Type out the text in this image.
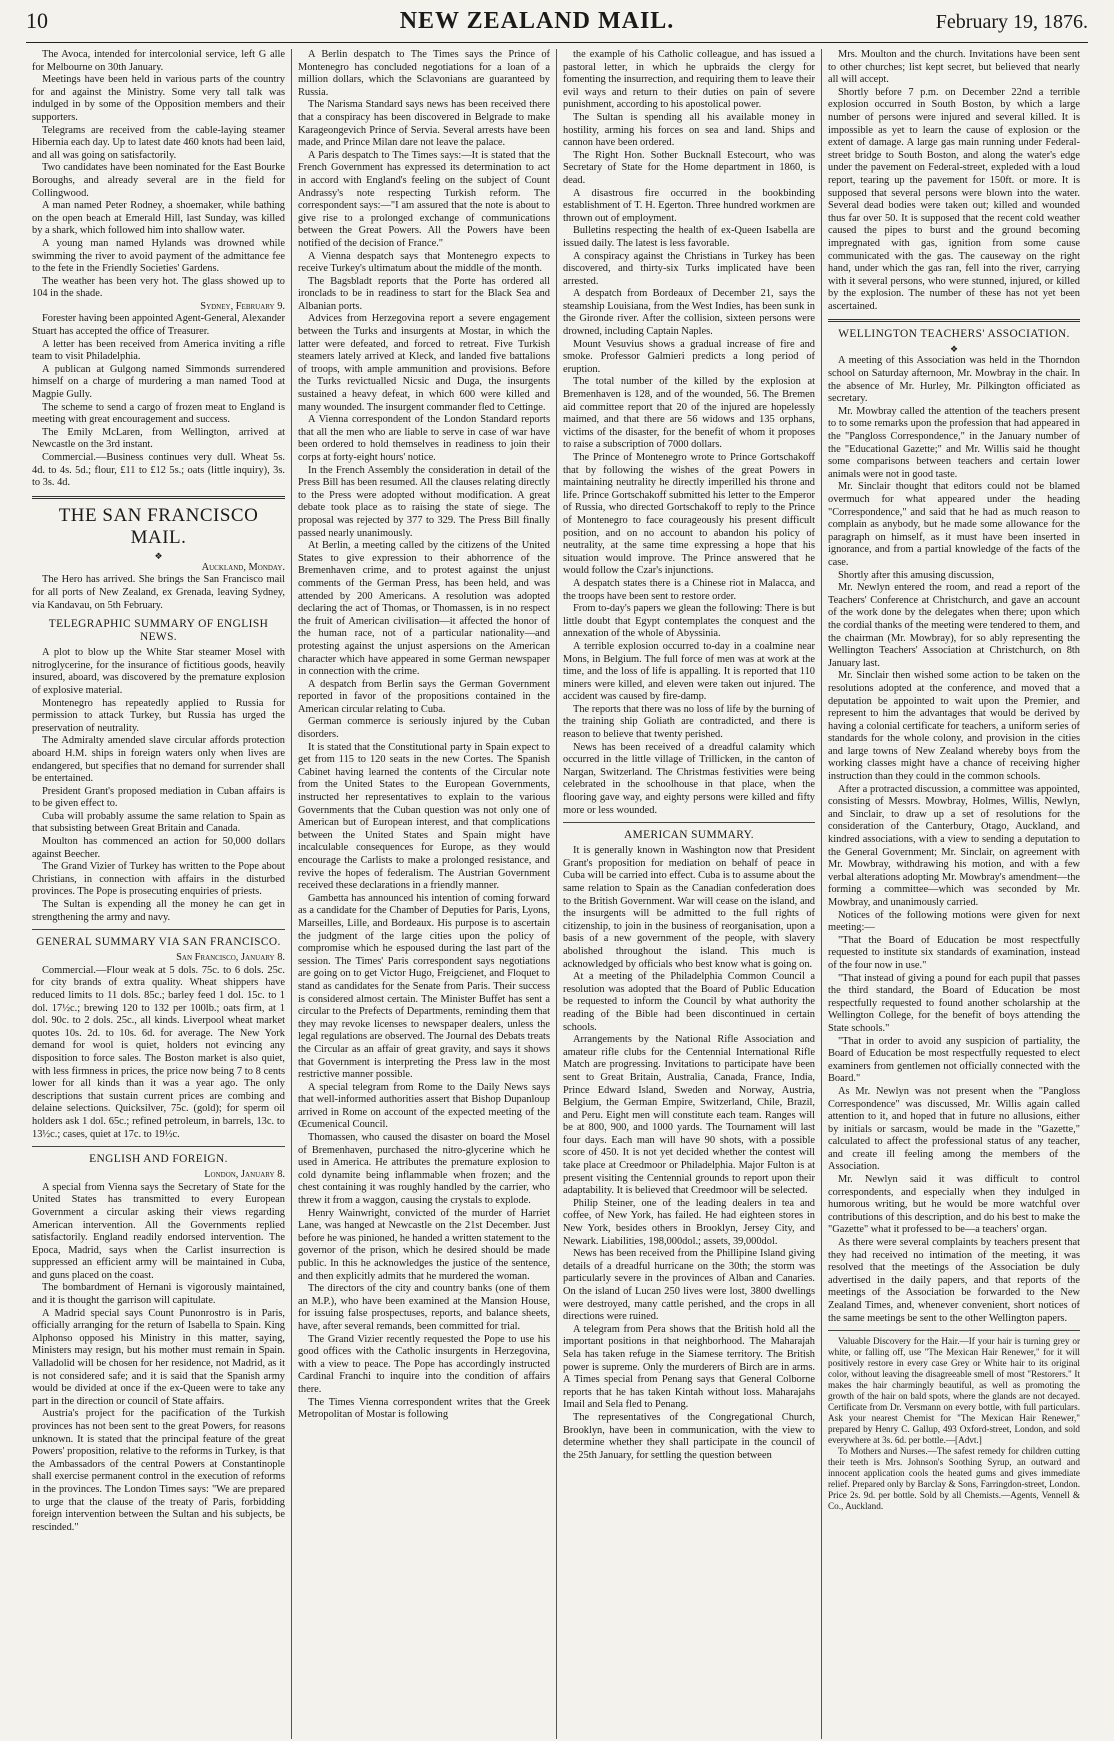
10	NEW ZEALAND MAIL.	February 19, 1876.

The Avoca, intended for intercolonial service, left G alle for Melbourne on 30th January.

Meetings have been held in various parts of the country for and against the Ministry. Some very tall talk was indulged in by some of the Opposition members and their supporters.

Telegrams are received from the cable-laying steamer Hibernia each day. Up to latest date 460 knots had been laid, and all was going on satisfactorily.

Two candidates have been nominated for the East Bourke Boroughs, and already several are in the field for Collingwood.

A man named Peter Rodney, a shoemaker, while bathing on the open beach at Emerald Hill, last Sunday, was killed by a shark, which followed him into shallow water.

A young man named Hylands was drowned while swimming the river to avoid payment of the admittance fee to the fete in the Friendly Societies' Gardens.

The weather has been very hot. The glass showed up to 104 in the shade.

Sydney, February 9.

Forester having been appointed Agent-General, Alexander Stuart has accepted the office of Treasurer.

A letter has been received from America inviting a rifle team to visit Philadelphia.

A publican at Gulgong named Simmonds surrendered himself on a charge of murdering a man named Tood at Magpie Gully.

The scheme to send a cargo of frozen meat to England is meeting with great encouragement and success.

The Emily McLaren, from Wellington, arrived at Newcastle on the 3rd instant.

Commercial.—Business continues very dull. Wheat 5s. 4d. to 4s. 5d.; flour, £11 to £12 5s.; oats (little inquiry), 3s. to 3s. 4d.

THE SAN FRANCISCO MAIL.
❖

Auckland, Monday.

The Hero has arrived. She brings the San Francisco mail for all ports of New Zealand, ex Grenada, leaving Sydney, via Kandavau, on 5th February.

TELEGRAPHIC SUMMARY OF ENGLISH NEWS.

A plot to blow up the White Star steamer Mosel with nitroglycerine, for the insurance of fictitious goods, heavily insured, aboard, was discovered by the premature explosion of explosive material.

Montenegro has repeatedly applied to Russia for permission to attack Turkey, but Russia has urged the preservation of neutrality.

The Admiralty amended slave circular affords protection aboard H.M. ships in foreign waters only when lives are endangered, but specifies that no demand for surrender shall be entertained.

President Grant's proposed mediation in Cuban affairs is to be given effect to.

Cuba will probably assume the same relation to Spain as that subsisting between Great Britain and Canada.

Moulton has commenced an action for 50,000 dollars against Beecher.

The Grand Vizier of Turkey has written to the Pope about Christians, in connection with affairs in the disturbed provinces. The Pope is prosecuting enquiries of priests.

The Sultan is expending all the money he can get in strengthening the army and navy.

GENERAL SUMMARY VIA SAN FRANCISCO.

San Francisco, January 8.

Commercial.—Flour weak at 5 dols. 75c. to 6 dols. 25c. for city brands of extra quality. Wheat shippers have reduced limits to 11 dols. 85c.; barley feed 1 dol. 15c. to 1 dol. 17½c.; brewing 120 to 132 per 100lb.; oats firm, at 1 dol. 90c. to 2 dols. 25c., all kinds. Liverpool wheat market quotes 10s. 2d. to 10s. 6d. for average. The New York demand for wool is quiet, holders not evincing any disposition to force sales. The Boston market is also quiet, with less firmness in prices, the price now being 7 to 8 cents lower for all kinds than it was a year ago. The only descriptions that sustain current prices are combing and delaine selections. Quicksilver, 75c. (gold); for sperm oil holders ask 1 dol. 65c.; refined petroleum, in barrels, 13c. to 13½c.; cases, quiet at 17c. to 19½c.

ENGLISH AND FOREIGN.

London, January 8.

A special from Vienna says the Secretary of State for the United States has transmitted to every European Government a circular asking their views regarding American intervention. All the Governments replied satisfactorily. England readily endorsed intervention. The Epoca, Madrid, says when the Carlist insurrection is suppressed an efficient army will be maintained in Cuba, and guns placed on the coast.

The bombardment of Hernani is vigorously maintained, and it is thought the garrison will capitulate.

A Madrid special says Count Punonrostro is in Paris, officially arranging for the return of Isabella to Spain. King Alphonso opposed his Ministry in this matter, saying, Ministers may resign, but his mother must remain in Spain. Valladolid will be chosen for her residence, not Madrid, as it is not considered safe; and it is said that the Spanish army would be divided at once if the ex-Queen were to take any part in the direction or council of State affairs.

Austria's project for the pacification of the Turkish provinces has not been sent to the great Powers, for reasons unknown. It is stated that the principal feature of the great Powers' proposition, relative to the reforms in Turkey, is that the Ambassadors of the central Powers at Constantinople shall exercise permanent control in the execution of reforms in the provinces. The London Times says: "We are prepared to urge that the clause of the treaty of Paris, forbidding foreign intervention between the Sultan and his subjects, be rescinded."

A Berlin despatch to The Times says the Prince of Montenegro has concluded negotiations for a loan of a million dollars, which the Sclavonians are guaranteed by Russia.

The Narisma Standard says news has been received there that a conspiracy has been discovered in Belgrade to make Karageongevich Prince of Servia. Several arrests have been made, and Prince Milan dare not leave the palace.

A Paris despatch to The Times says:—It is stated that the French Government has expressed its determination to act in accord with England's feeling on the subject of Count Andrassy's note respecting Turkish reform. The correspondent says:—"I am assured that the note is about to give rise to a prolonged exchange of communications between the Great Powers. All the Powers have been notified of the decision of France."

A Vienna despatch says that Montenegro expects to receive Turkey's ultimatum about the middle of the month.

The Bagsbladt reports that the Porte has ordered all ironclads to be in readiness to start for the Black Sea and Albanian ports.

Advices from Herzegovina report a severe engagement between the Turks and insurgents at Mostar, in which the latter were defeated, and forced to retreat. Five Turkish steamers lately arrived at Kleck, and landed five battalions of troops, with ample ammunition and provisions. Before the Turks revictualled Nicsic and Duga, the insurgents sustained a heavy defeat, in which 600 were killed and many wounded. The insurgent commander fled to Cettinge.

A Vienna correspondent of the London Standard reports that all the men who are liable to serve in case of war have been ordered to hold themselves in readiness to join their corps at forty-eight hours' notice.

In the French Assembly the consideration in detail of the Press Bill has been resumed. All the clauses relating directly to the Press were adopted without modification. A great debate took place as to raising the state of siege. The proposal was rejected by 377 to 329. The Press Bill finally passed nearly unanimously.

At Berlin, a meeting called by the citizens of the United States to give expression to their abhorrence of the Bremenhaven crime, and to protest against the unjust comments of the German Press, has been held, and was attended by 200 Americans. A resolution was adopted declaring the act of Thomas, or Thomassen, is in no respect the fruit of American civilisation—it affected the honor of the human race, not of a particular nationality—and protesting against the unjust aspersions on the American character which have appeared in some German newspaper in connection with the crime.

A despatch from Berlin says the German Government reported in favor of the propositions contained in the American circular relating to Cuba.

German commerce is seriously injured by the Cuban disorders.

It is stated that the Constitutional party in Spain expect to get from 115 to 120 seats in the new Cortes. The Spanish Cabinet having learned the contents of the Circular note from the United States to the European Governments, instructed her representatives to explain to the various Governments that the Cuban question was not only one of American but of European interest, and that complications between the United States and Spain might have incalculable consequences for Europe, as they would encourage the Carlists to make a prolonged resistance, and revive the hopes of federalism. The Austrian Government received these declarations in a friendly manner.

Gambetta has announced his intention of coming forward as a candidate for the Chamber of Deputies for Paris, Lyons, Marseilles, Lille, and Bordeaux. His purpose is to ascertain the judgment of the large cities upon the policy of compromise which he espoused during the last part of the session. The Times' Paris correspondent says negotiations are going on to get Victor Hugo, Freigcienet, and Floquet to stand as candidates for the Senate from Paris. Their success is considered almost certain. The Minister Buffet has sent a circular to the Prefects of Departments, reminding them that they may revoke licenses to newspaper dealers, unless the legal regulations are observed. The Journal des Debats treats the Circular as an affair of great gravity, and says it shows that Government is interpreting the Press law in the most restrictive manner possible.

A special telegram from Rome to the Daily News says that well-informed authorities assert that Bishop Dupanloup arrived in Rome on account of the expected meeting of the Œcumenical Council.

Thomassen, who caused the disaster on board the Mosel of Bremenhaven, purchased the nitro-glycerine which he used in America. He attributes the premature explosion to cold dynamite being inflammable when frozen; and the chest containing it was roughly handled by the carrier, who threw it from a waggon, causing the crystals to explode.

Henry Wainwright, convicted of the murder of Harriet Lane, was hanged at Newcastle on the 21st December. Just before he was pinioned, he handed a written statement to the governor of the prison, which he desired should be made public. In this he acknowledges the justice of the sentence, and then explicitly admits that he murdered the woman.

The directors of the city and country banks (one of them an M.P.), who have been examined at the Mansion House, for issuing false prospectuses, reports, and balance sheets, have, after several remands, been committed for trial.

The Grand Vizier recently requested the Pope to use his good offices with the Catholic insurgents in Herzegovina, with a view to peace. The Pope has accordingly instructed Cardinal Franchi to inquire into the condition of affairs there.

The Times Vienna correspondent writes that the Greek Metropolitan of Mostar is following

the example of his Catholic colleague, and has issued a pastoral letter, in which he upbraids the clergy for fomenting the insurrection, and requiring them to leave their evil ways and return to their duties on pain of severe punishment, according to his apostolical power.

The Sultan is spending all his available money in hostility, arming his forces on sea and land. Ships and cannon have been ordered.

The Right Hon. Sother Bucknall Estecourt, who was Secretary of State for the Home department in 1860, is dead.

A disastrous fire occurred in the bookbinding establishment of T. H. Egerton. Three hundred workmen are thrown out of employment.

Bulletins respecting the health of ex-Queen Isabella are issued daily. The latest is less favorable.

A conspiracy against the Christians in Turkey has been discovered, and thirty-six Turks implicated have been arrested.

A despatch from Bordeaux of December 21, says the steamship Louisiana, from the West Indies, has been sunk in the Gironde river. After the collision, sixteen persons were drowned, including Captain Naples.

Mount Vesuvius shows a gradual increase of fire and smoke. Professor Galmieri predicts a long period of eruption.

The total number of the killed by the explosion at Bremenhaven is 128, and of the wounded, 56. The Bremen aid committee report that 20 of the injured are hopelessly maimed, and that there are 56 widows and 135 orphans, victims of the disaster, for the benefit of whom it proposes to raise a subscription of 7000 dollars.

The Prince of Montenegro wrote to Prince Gortschakoff that by following the wishes of the great Powers in maintaining neutrality he directly imperilled his throne and life. Prince Gortschakoff submitted his letter to the Emperor of Russia, who directed Gortschakoff to reply to the Prince of Montenegro to face courageously his present difficult position, and on no account to abandon his policy of neutrality, at the same time expressing a hope that his situation would improve. The Prince answered that he would follow the Czar's injunctions.

A despatch states there is a Chinese riot in Malacca, and the troops have been sent to restore order.

From to-day's papers we glean the following: There is but little doubt that Egypt contemplates the conquest and the annexation of the whole of Abyssinia.

A terrible explosion occurred to-day in a coalmine near Mons, in Belgium. The full force of men was at work at the time, and the loss of life is appalling. It is reported that 110 miners were killed, and eleven were taken out injured. The accident was caused by fire-damp.

The reports that there was no loss of life by the burning of the training ship Goliath are contradicted, and there is reason to believe that twenty perished.

News has been received of a dreadful calamity which occurred in the little village of Trillicken, in the canton of Nargan, Switzerland. The Christmas festivities were being celebrated in the schoolhouse in that place, when the flooring gave way, and eighty persons were killed and fifty more or less wounded.

AMERICAN SUMMARY.

It is generally known in Washington now that President Grant's proposition for mediation on behalf of peace in Cuba will be carried into effect. Cuba is to assume about the same relation to Spain as the Canadian confederation does to the British Government. War will cease on the island, and the insurgents will be admitted to the full rights of citizenship, to join in the business of reorganisation, upon a basis of a new government of the people, with slavery abolished throughout the island. This much is acknowledged by officials who best know what is going on.

At a meeting of the Philadelphia Common Council a resolution was adopted that the Board of Public Education be requested to inform the Council by what authority the reading of the Bible had been discontinued in certain schools.

Arrangements by the National Rifle Association and amateur rifle clubs for the Centennial International Rifle Match are progressing. Invitations to participate have been sent to Great Britain, Australia, Canada, France, India, Prince Edward Island, Sweden and Norway, Austria, Belgium, the German Empire, Switzerland, Chile, Brazil, and Peru. Eight men will constitute each team. Ranges will be at 800, 900, and 1000 yards. The Tournament will last four days. Each man will have 90 shots, with a possible score of 450. It is not yet decided whether the contest will take place at Creedmoor or Philadelphia. Major Fulton is at present visiting the Centennial grounds to report upon their adaptability. It is believed that Creedmoor will be selected.

Philip Steiner, one of the leading dealers in tea and coffee, of New York, has failed. He had eighteen stores in New York, besides others in Brooklyn, Jersey City, and Newark. Liabilities, 198,000dol.; assets, 39,000dol.

News has been received from the Phillipine Island giving details of a dreadful hurricane on the 30th; the storm was particularly severe in the provinces of Alban and Canaries. On the island of Lucan 250 lives were lost, 3800 dwellings were destroyed, many cattle perished, and the crops in all directions were ruined.

A telegram from Pera shows that the British hold all the important positions in that neighborhood. The Maharajah Sela has taken refuge in the Siamese territory. The British power is supreme. Only the murderers of Birch are in arms. A Times special from Penang says that General Colborne reports that he has taken Kintah without loss. Maharajahs Imail and Sela fled to Penang.

The representatives of the Congregational Church, Brooklyn, have been in communication, with the view to determine whether they shall participate in the council of the 25th January, for settling the question between

Mrs. Moulton and the church. Invitations have been sent to other churches; list kept secret, but believed that nearly all will accept.

Shortly before 7 p.m. on December 22nd a terrible explosion occurred in South Boston, by which a large number of persons were injured and several killed. It is impossible as yet to learn the cause of explosion or the extent of damage. A large gas main running under Federal-street bridge to South Boston, and along the water's edge under the pavement on Federal-street, expleded with a loud report, tearing up the pavement for 150ft. or more. It is supposed that several persons were blown into the water. Several dead bodies were taken out; killed and wounded thus far over 50. It is supposed that the recent cold weather caused the pipes to burst and the ground becoming impregnated with gas, ignition from some cause communicated with the gas. The causeway on the right hand, under which the gas ran, fell into the river, carrying with it several persons, who were stunned, injured, or killed by the explosion. The number of these has not yet been ascertained.

WELLINGTON TEACHERS' ASSOCIATION.
❖

A meeting of this Association was held in the Thorndon school on Saturday afternoon, Mr. Mowbray in the chair. In the absence of Mr. Hurley, Mr. Pilkington officiated as secretary.

Mr. Mowbray called the attention of the teachers present to to some remarks upon the profession that had appeared in the "Pangloss Correspondence," in the January number of the "Educational Gazette;" and Mr. Willis said he thought some comparisons between teachers and certain lower animals were not in good taste.

Mr. Sinclair thought that editors could not be blamed overmuch for what appeared under the heading "Correspondence," and said that he had as much reason to complain as anybody, but he made some allowance for the paragraph on himself, as it must have been inserted in ignorance, and from a partial knowledge of the facts of the case.

Shortly after this amusing discussion,

Mr. Newlyn entered the room, and read a report of the Teachers' Conference at Christchurch, and gave an account of the work done by the delegates when there; upon which the cordial thanks of the meeting were tendered to them, and the chairman (Mr. Mowbray), for so ably representing the Wellington Teachers' Association at Christchurch, on 8th January last.

Mr. Sinclair then wished some action to be taken on the resolutions adopted at the conference, and moved that a deputation be appointed to wait upon the Premier, and represent to him the advantages that would be derived by having a colonial certificate for teachers, a uniform series of standards for the whole colony, and provision in the cities and large towns of New Zealand whereby boys from the working classes might have a chance of receiving higher instruction than they could in the common schools.

After a protracted discussion, a committee was appointed, consisting of Messrs. Mowbray, Holmes, Willis, Newlyn, and Sinclair, to draw up a set of resolutions for the consideration of the Canterbury, Otago, Auckland, and kindred associations, with a view to sending a deputation to the General Government; Mr. Sinclair, on agreement with Mr. Mowbray, withdrawing his motion, and with a few verbal alterations adopting Mr. Mowbray's amendment—the forming a committee—which was seconded by Mr. Mowbray, and unanimously carried.

Notices of the following motions were given for next meeting:—

"That the Board of Education be most respectfully requested to institute six standards of examination, instead of the four now in use."

"That instead of giving a pound for each pupil that passes the third standard, the Board of Education be most respectfully requested to found another scholarship at the Wellington College, for the benefit of boys attending the State schools."

"That in order to avoid any suspicion of partiality, the Board of Education be most respectfully requested to elect examiners from gentlemen not officially connected with the Board."

As Mr. Newlyn was not present when the "Pangloss Correspondence" was discussed, Mr. Willis again called attention to it, and hoped that in future no allusions, either by initials or sarcasm, would be made in the "Gazette," calculated to affect the professional status of any teacher, and create ill feeling among the members of the Association.

Mr. Newlyn said it was difficult to control correspondents, and especially when they indulged in humorous writing, but he would be more watchful over contributions of this description, and do his best to make the "Gazette" what it professed to be—a teachers' organ.

As there were several complaints by teachers present that they had received no intimation of the meeting, it was resolved that the meetings of the Association be duly advertised in the daily papers, and that reports of the meetings of the Association be forwarded to the New Zealand Times, and, whenever convenient, short notices of the same meetings be sent to the other Wellington papers.

Valuable Discovery for the Hair.—If your hair is turning grey or white, or falling off, use "The Mexican Hair Renewer," for it will positively restore in every case Grey or White hair to its original color, without leaving the disagreeable smell of most "Restorers." It makes the hair charmingly beautiful, as well as promoting the growth of the hair on bald spots, where the glands are not decayed. Certificate from Dr. Versmann on every bottle, with full particulars. Ask your nearest Chemist for "The Mexican Hair Renewer," prepared by Henry C. Gallup, 493 Oxford-street, London, and sold everywhere at 3s. 6d. per bottle.—[Advt.]

To Mothers and Nurses.—The safest remedy for children cutting their teeth is Mrs. Johnson's Soothing Syrup, an outward and innocent application cools the heated gums and gives immediate relief. Prepared only by Barclay & Sons, Farringdon-street, London. Price 2s. 9d. per bottle. Sold by all Chemists.—Agents, Vennell & Co., Auckland.
